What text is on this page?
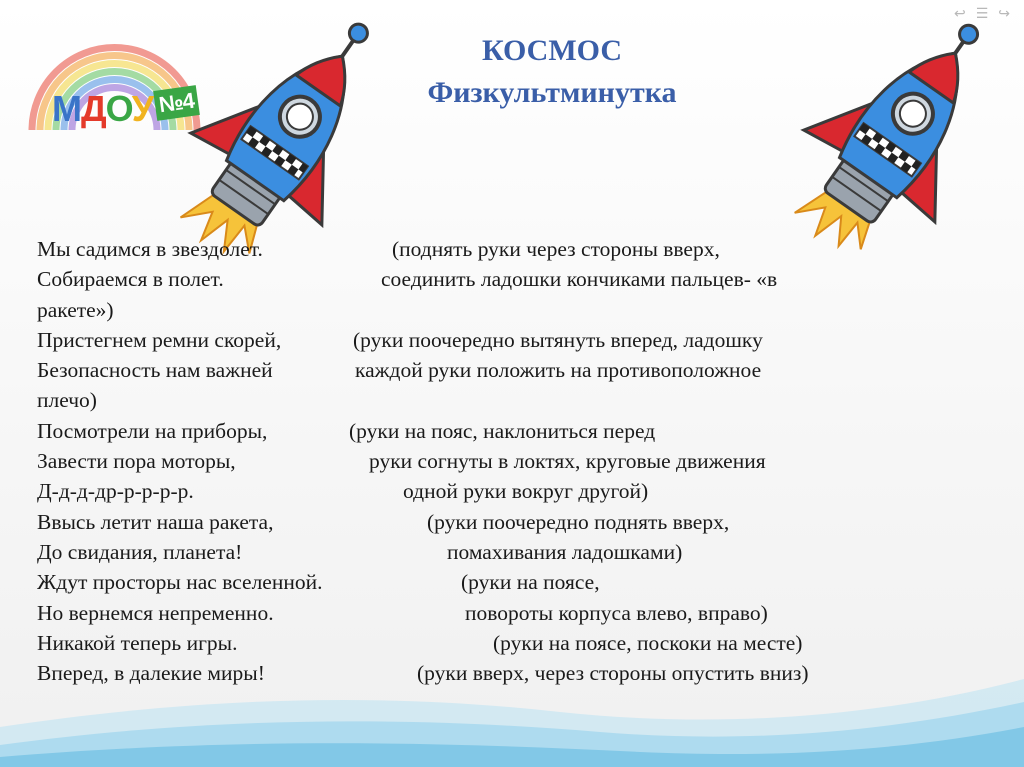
МДОУ №4
↩ ☰ ↪
КОСМОС
Физкультминутка
Мы садимся в звездолет.	(поднять руки через стороны вверх,
Собираемся в полет.	соединить ладошки кончиками пальцев- «в
ракете»)
Пристегнем ремни скорей,	(руки поочередно вытянуть вперед, ладошку
Безопасность нам важней	каждой руки положить на противоположное
плечо)
Посмотрели на приборы,	(руки на пояс, наклониться перед
Завести пора моторы,	руки согнуты в локтях, круговые движения
Д-д-д-др-р-р-р-р.	одной руки вокруг другой)
Ввысь летит наша ракета,	(руки поочередно поднять вверх,
До свидания, планета!	помахивания ладошками)
Ждут просторы нас вселенной.	(руки на поясе,
Но вернемся непременно.	повороты корпуса влево, вправо)
Никакой теперь игры.	(руки на поясе, поскоки на месте)
Вперед, в далекие миры!	(руки вверх, через стороны опустить вниз)
